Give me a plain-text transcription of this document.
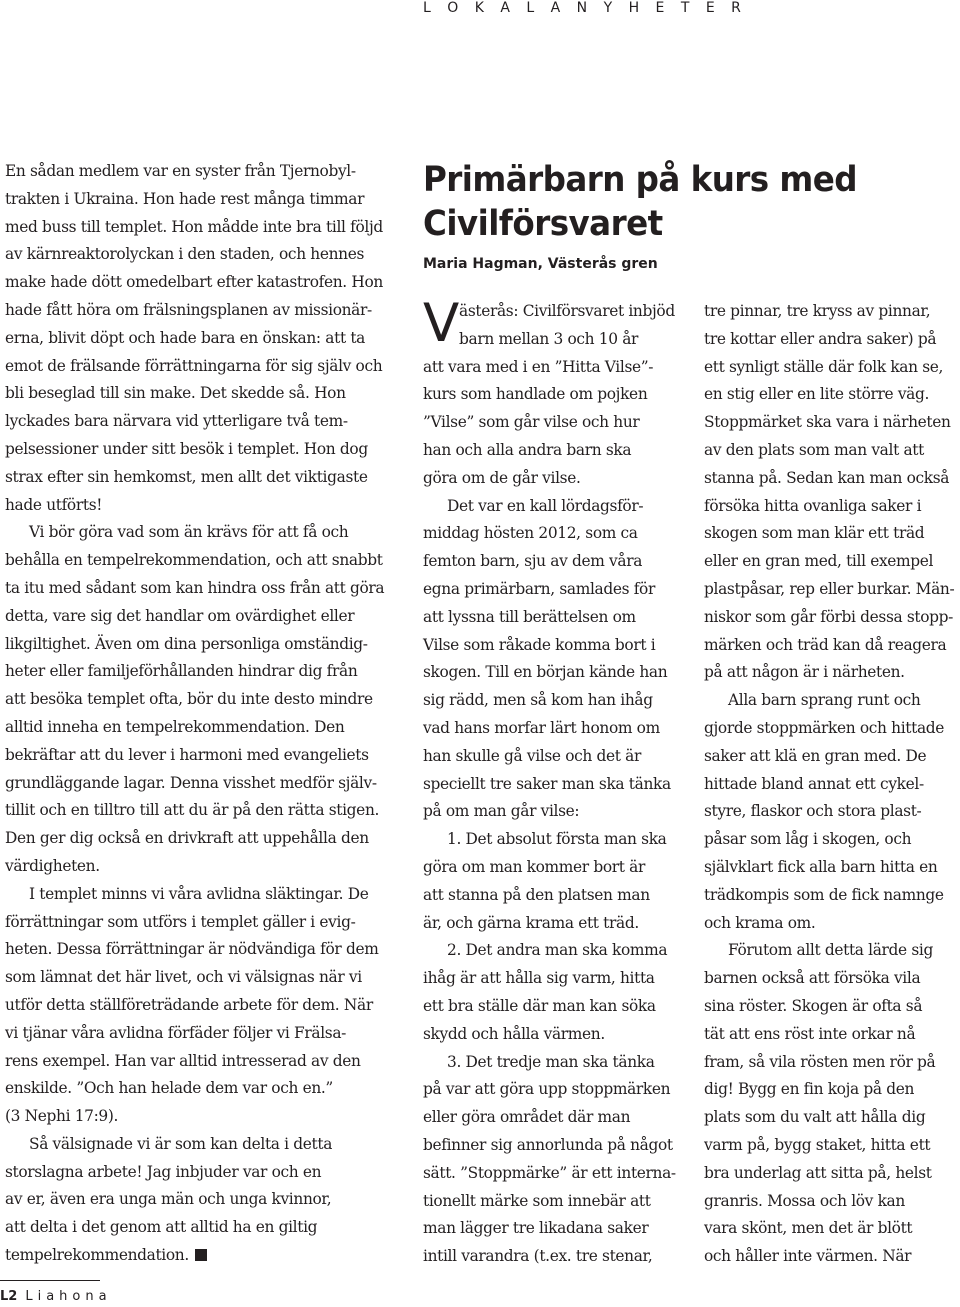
L O K A L A N Y H E T E R
En sådan medlem var en syster från Tjernobyl-
trakten i Ukraina. Hon hade rest många timmar
med buss till templet. Hon mådde inte bra till följd
av kärnreaktorolyckan i den staden, och hennes
make hade dött omedelbart efter katastrofen. Hon
hade fått höra om frälsningsplanen av missionär-
erna, blivit döpt och hade bara en önskan: att ta
emot de frälsande förrättningarna för sig själv och
bli beseglad till sin make. Det skedde så. Hon
lyckades bara närvara vid ytterligare två tem-
pelsessioner under sitt besök i templet. Hon dog
strax efter sin hemkomst, men allt det viktigaste
hade utförts!
Vi bör göra vad som än krävs för att få och
behålla en tempelrekommendation, och att snabbt
ta itu med sådant som kan hindra oss från att göra
detta, vare sig det handlar om ovärdighet eller
likgiltighet. Även om dina personliga omständig-
heter eller familjeförhållanden hindrar dig från
att besöka templet ofta, bör du inte desto mindre
alltid inneha en tempelrekommendation. Den
bekräftar att du lever i harmoni med evangeliets
grundläggande lagar. Denna visshet medför själv-
tillit och en tilltro till att du är på den rätta stigen.
Den ger dig också en drivkraft att uppehålla den
värdigheten.
I templet minns vi våra avlidna släktingar. De
förrättningar som utförs i templet gäller i evig-
heten. Dessa förrättningar är nödvändiga för dem
som lämnat det här livet, och vi välsignas när vi
utför detta ställföreträdande arbete för dem. När
vi tjänar våra avlidna förfäder följer vi Frälsa-
rens exempel. Han var alltid intresserad av den
enskilde. ”Och han helade dem var och en.”
(3 Nephi 17:9).
Så välsignade vi är som kan delta i detta
storslagna arbete! Jag inbjuder var och en
av er, även era unga män och unga kvinnor,
att delta i det genom att alltid ha en giltig
tempelrekommendation.
Primärbarn på kurs med
Civilförsvaret
Maria Hagman, Västerås gren
V ästerås: Civilförsvaret inbjöd
barn mellan 3 och 10 år
att vara med i en ”Hitta Vilse”-
kurs som handlade om pojken
”Vilse” som går vilse och hur
han och alla andra barn ska
göra om de går vilse.
Det var en kall lördagsför-
middag hösten 2012, som ca
femton barn, sju av dem våra
egna primärbarn, samlades för
att lyssna till berättelsen om
Vilse som råkade komma bort i
skogen. Till en början kände han
sig rädd, men så kom han ihåg
vad hans morfar lärt honom om
han skulle gå vilse och det är
speciellt tre saker man ska tänka
på om man går vilse:
1. Det absolut första man ska
göra om man kommer bort är
att stanna på den platsen man
är, och gärna krama ett träd.
2. Det andra man ska komma
ihåg är att hålla sig varm, hitta
ett bra ställe där man kan söka
skydd och hålla värmen.
3. Det tredje man ska tänka
på var att göra upp stoppmärken
eller göra området där man
befinner sig annorlunda på något
sätt. ”Stoppmärke” är ett interna-
tionellt märke som innebär att
man lägger tre likadana saker
intill varandra (t.ex. tre stenar,
tre pinnar, tre kryss av pinnar,
tre kottar eller andra saker) på
ett synligt ställe där folk kan se,
en stig eller en lite större väg.
Stoppmärket ska vara i närheten
av den plats som man valt att
stanna på. Sedan kan man också
försöka hitta ovanliga saker i
skogen som man klär ett träd
eller en gran med, till exempel
plastpåsar, rep eller burkar. Män-
niskor som går förbi dessa stopp-
märken och träd kan då reagera
på att någon är i närheten.
Alla barn sprang runt och
gjorde stoppmärken och hittade
saker att klä en gran med. De
hittade bland annat ett cykel-
styre, flaskor och stora plast-
påsar som låg i skogen, och
självklart fick alla barn hitta en
trädkompis som de fick namnge
och krama om.
Förutom allt detta lärde sig
barnen också att försöka vila
sina röster. Skogen är ofta så
tät att ens röst inte orkar nå
fram, så vila rösten men rör på
dig! Bygg en fin koja på den
plats som du valt att hålla dig
varm på, bygg staket, hitta ett
bra underlag att sitta på, helst
granris. Mossa och löv kan
vara skönt, men det är blött
och håller inte värmen. När
L2 Liahona
